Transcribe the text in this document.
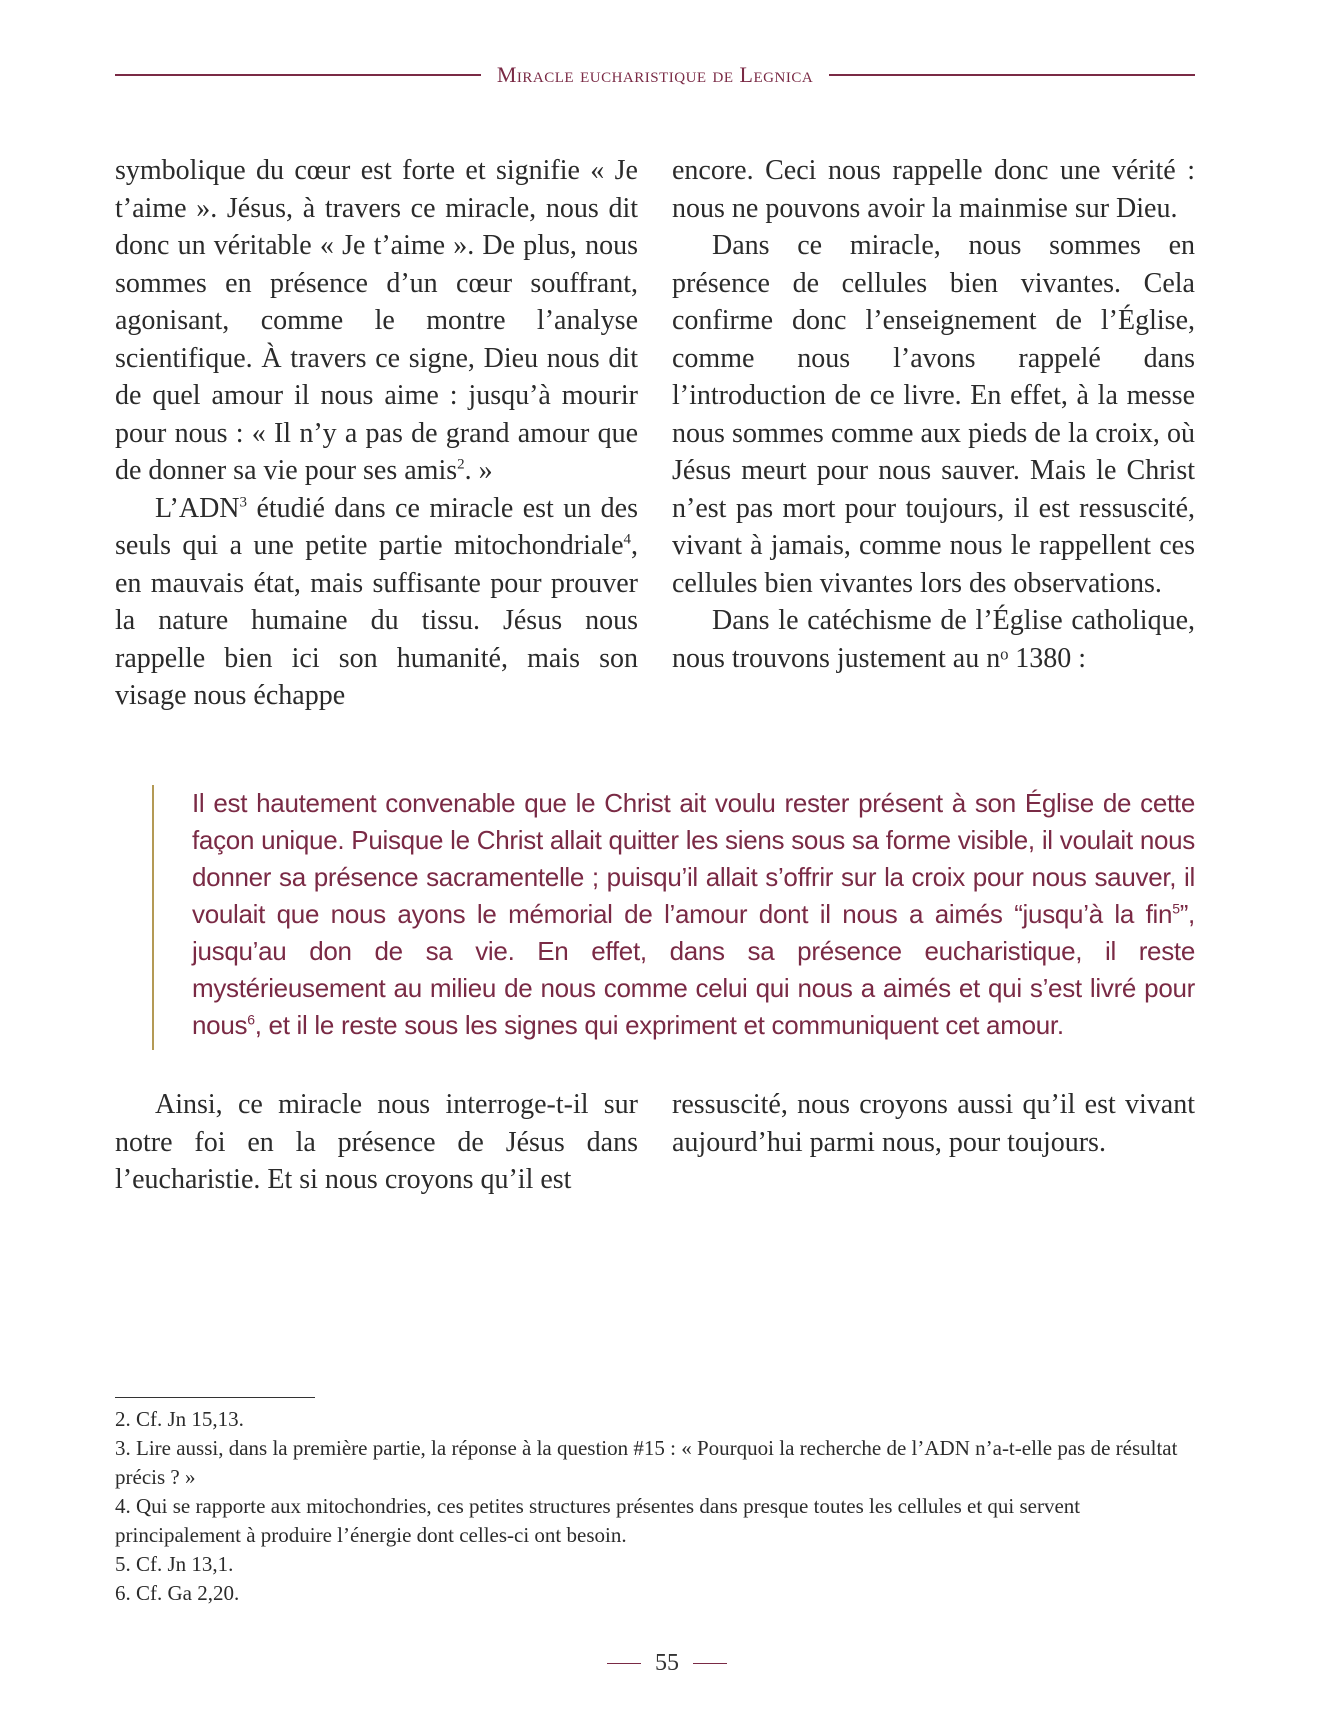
Miracle eucharistique de Legnica

symbolique du cœur est forte et signifie « Je t’aime ». Jésus, à travers ce miracle, nous dit donc un véritable « Je t’aime ». De plus, nous sommes en présence d’un cœur souffrant, agonisant, comme le montre l’analyse scientifique. À travers ce signe, Dieu nous dit de quel amour il nous aime : jusqu’à mourir pour nous : « Il n’y a pas de grand amour que de donner sa vie pour ses amis$^2$. »

L’ADN$^3$ étudié dans ce miracle est un des seuls qui a une petite partie mitochondriale$^4$, en mauvais état, mais suffisante pour prouver la nature humaine du tissu. Jésus nous rappelle bien ici son humanité, mais son visage nous échappe

encore. Ceci nous rappelle donc une vérité : nous ne pouvons avoir la mainmise sur Dieu.

Dans ce miracle, nous sommes en présence de cellules bien vivantes. Cela confirme donc l’enseignement de l’Église, comme nous l’avons rappelé dans l’introduction de ce livre. En effet, à la messe nous sommes comme aux pieds de la croix, où Jésus meurt pour nous sauver. Mais le Christ n’est pas mort pour toujours, il est ressuscité, vivant à jamais, comme nous le rappellent ces cellules bien vivantes lors des observations.

Dans le catéchisme de l’Église catholique, nous trouvons justement au nᵒ 1380 :

Il est hautement convenable que le Christ ait voulu rester présent à son Église de cette façon unique. Puisque le Christ allait quitter les siens sous sa forme visible, il voulait nous donner sa présence sacramentelle ; puisqu’il allait s’offrir sur la croix pour nous sauver, il voulait que nous ayons le mémorial de l’amour dont il nous a aimés “jusqu’à la fin$^5$”, jusqu’au don de sa vie. En effet, dans sa présence eucharistique, il reste mystérieusement au milieu de nous comme celui qui nous a aimés et qui s’est livré pour nous$^6$, et il le reste sous les signes qui expriment et communiquent cet amour.

Ainsi, ce miracle nous interroge-t-il sur notre foi en la présence de Jésus dans l’eucharistie. Et si nous croyons qu’il est

ressuscité, nous croyons aussi qu’il est vivant aujourd’hui parmi nous, pour toujours.

2. Cf. Jn 15,13.
3. Lire aussi, dans la première partie, la réponse à la question #15 : « Pourquoi la recherche de l’ADN n’a-t-elle pas de résultat précis ? »
4. Qui se rapporte aux mitochondries, ces petites structures présentes dans presque toutes les cellules et qui servent principalement à produire l’énergie dont celles-ci ont besoin.
5. Cf. Jn 13,1.
6. Cf. Ga 2,20.
55
